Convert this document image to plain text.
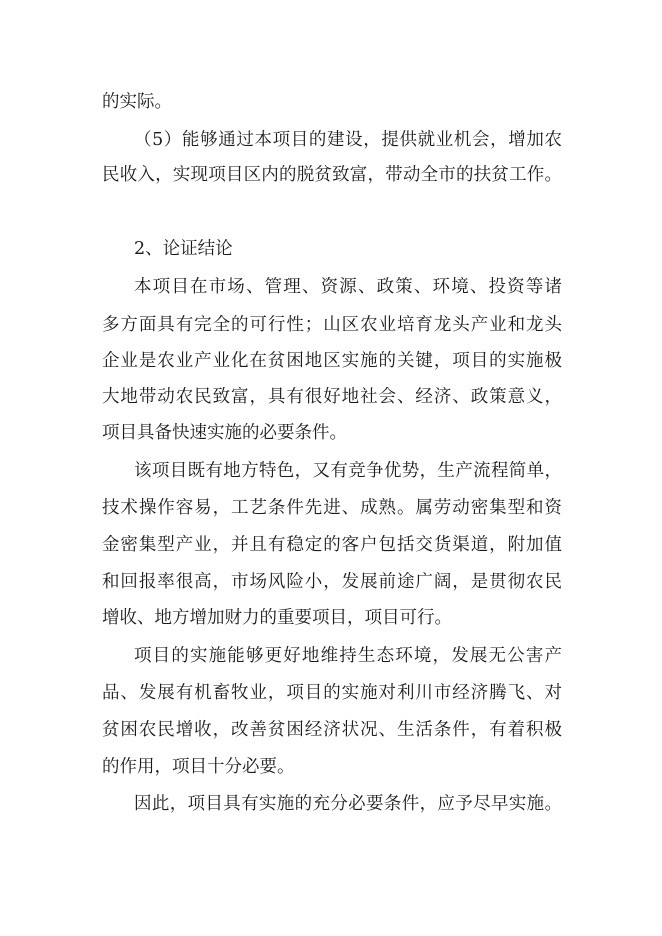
的实际。
（5）能够通过本项目的建设，提供就业机会，增加农
民收入，实现项目区内的脱贫致富，带动全市的扶贫工作。
2、论证结论
本项目在市场、管理、资源、政策、环境、投资等诸
多方面具有完全的可行性；山区农业培育龙头产业和龙头
企业是农业产业化在贫困地区实施的关键，项目的实施极
大地带动农民致富，具有很好地社会、经济、政策意义，
项目具备快速实施的必要条件。
该项目既有地方特色，又有竞争优势，生产流程简单，
技术操作容易，工艺条件先进、成熟。属劳动密集型和资
金密集型产业，并且有稳定的客户包括交货渠道，附加值
和回报率很高，市场风险小，发展前途广阔，是贯彻农民
增收、地方增加财力的重要项目，项目可行。
项目的实施能够更好地维持生态环境，发展无公害产
品、发展有机畜牧业，项目的实施对利川市经济腾飞、对
贫困农民增收，改善贫困经济状况、生活条件，有着积极
的作用，项目十分必要。
因此，项目具有实施的充分必要条件，应予尽早实施。
